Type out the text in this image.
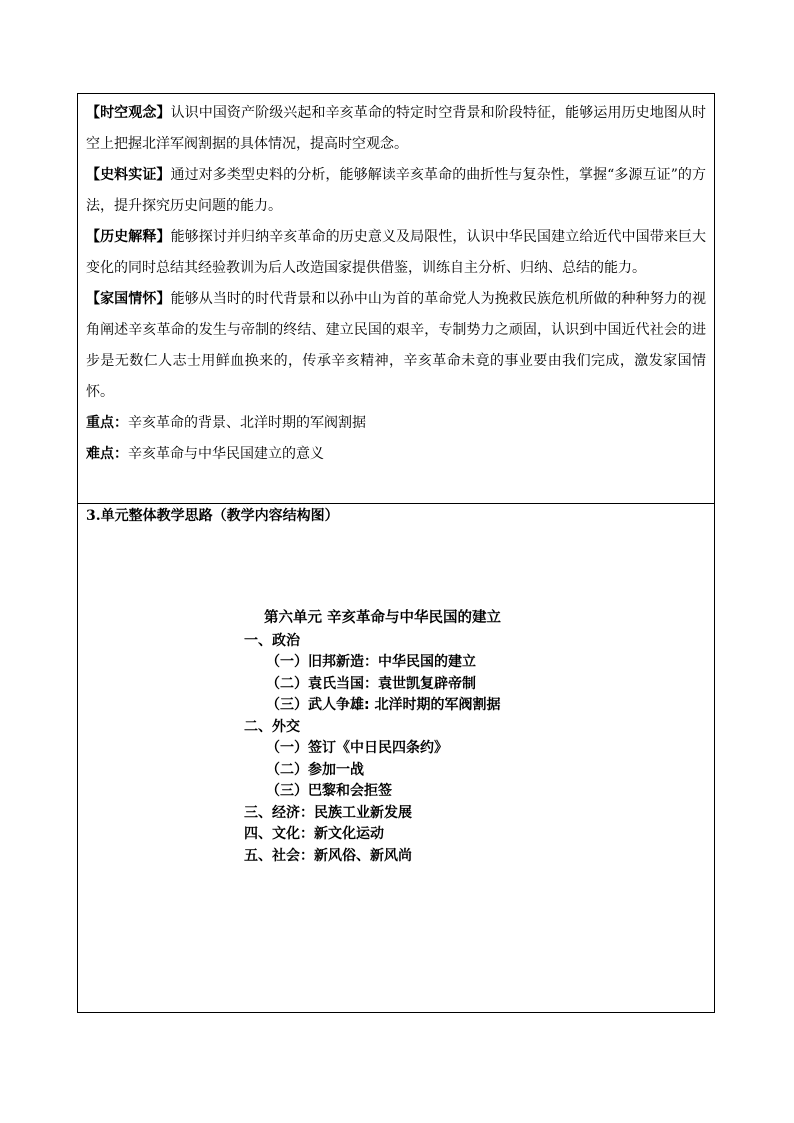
【时空观念】认识中国资产阶级兴起和辛亥革命的特定时空背景和阶段特征，能够运用历史地图从时空上把握北洋军阀割据的具体情况，提高时空观念。

【史料实证】通过对多类型史料的分析，能够解读辛亥革命的曲折性与复杂性，掌握“多源互证”的方法，提升探究历史问题的能力。

【历史解释】能够探讨并归纳辛亥革命的历史意义及局限性，认识中华民国建立给近代中国带来巨大变化的同时总结其经验教训为后人改造国家提供借鉴，训练自主分析、归纳、总结的能力。

【家国情怀】能够从当时的时代背景和以孙中山为首的革命党人为挽救民族危机所做的种种努力的视角阐述辛亥革命的发生与帝制的终结、建立民国的艰辛，专制势力之顽固，认识到中国近代社会的进步是无数仁人志士用鲜血换来的，传承辛亥精神，辛亥革命未竟的事业要由我们完成，激发家国情怀。

重点：辛亥革命的背景、北洋时期的军阀割据

难点：辛亥革命与中华民国建立的意义

3.单元整体教学思路（教学内容结构图）

第六单元 辛亥革命与中华民国的建立
一、政治
（一）旧邦新造：中华民国的建立
（二）袁氏当国：袁世凯复辟帝制
（三）武人争雄: 北洋时期的军阀割据
二、外交
（一）签订《中日民四条约》
（二）参加一战
（三）巴黎和会拒签
三、经济：民族工业新发展
四、文化：新文化运动
五、社会：新风俗、新风尚
